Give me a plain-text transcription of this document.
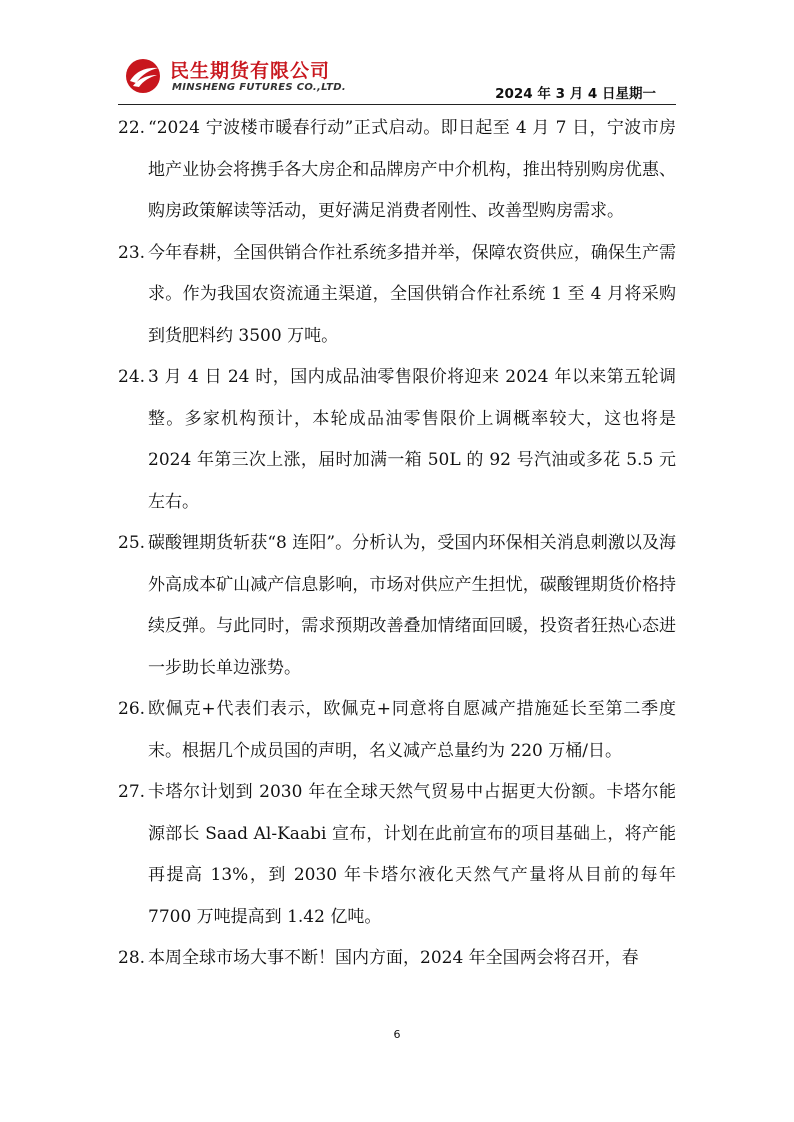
民生期货有限公司
MINSHENG FUTURES CO.,LTD.	2024 年 3 月 4 日星期一
22. “2024 宁波楼市暖春行动”正式启动。即日起至 4 月 7 日，宁波市房地产业协会将携手各大房企和品牌房产中介机构，推出特别购房优惠、购房政策解读等活动，更好满足消费者刚性、改善型购房需求。
23. 今年春耕，全国供销合作社系统多措并举，保障农资供应，确保生产需求。作为我国农资流通主渠道，全国供销合作社系统 1 至 4 月将采购到货肥料约 3500 万吨。
24. 3 月 4 日 24 时，国内成品油零售限价将迎来 2024 年以来第五轮调整。多家机构预计，本轮成品油零售限价上调概率较大，这也将是 2024 年第三次上涨，届时加满一箱 50L 的 92 号汽油或多花 5.5 元左右。
25. 碳酸锂期货斩获“8 连阳”。分析认为，受国内环保相关消息刺激以及海外高成本矿山减产信息影响，市场对供应产生担忧，碳酸锂期货价格持续反弹。与此同时，需求预期改善叠加情绪面回暖，投资者狂热心态进一步助长单边涨势。
26. 欧佩克+代表们表示，欧佩克+同意将自愿减产措施延长至第二季度末。根据几个成员国的声明，名义减产总量约为 220 万桶/日。
27. 卡塔尔计划到 2030 年在全球天然气贸易中占据更大份额。卡塔尔能源部长 Saad Al-Kaabi 宣布，计划在此前宣布的项目基础上，将产能再提高 13%，到 2030 年卡塔尔液化天然气产量将从目前的每年 7700 万吨提高到 1.42 亿吨。
28. 本周全球市场大事不断！国内方面，2024 年全国两会将召开，春
6
